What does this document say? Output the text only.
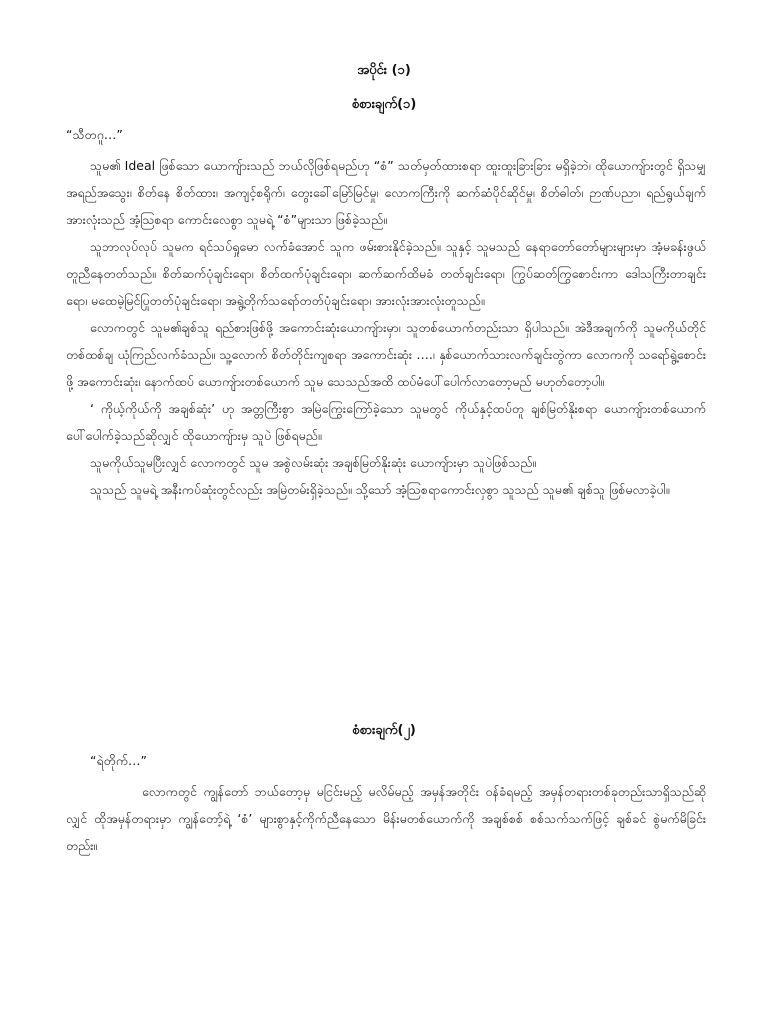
အပိုင်း (၁)
စံစားချက်(၁)
“သီတဂူ…”

သူမ၏ Ideal ဖြစ်သော ယောကျ်ားသည် ဘယ်လိုဖြစ်ရမည်ဟု “စံ” သတ်မှတ်ထားစရာ ထူးထူးခြားခြား မရှိခဲ့ဘဲ၊ ထိုယောကျ်ားတွင် ရှိသမျှ အရည်အသွေး၊ စိတ်နေ စိတ်ထား၊ အကျင့်စရိုက်၊ တွေးခေါ်မြော်မြင်မှု၊ လောကကြီးကို ဆက်ဆံပိုင်ဆိုင်မှု၊ စိတ်ဓါတ်၊ ဉာဏ်ပညာ၊ ရည်ရွယ်ချက် အားလုံးသည် အံ့သြစရာ ကောင်းလေစွာ သူမရဲ့ “စံ”များသာ ဖြစ်ခဲ့သည်။

သူဘာလုပ်လုပ် သူမက ရင်သပ်ရှုမော လက်ခံအောင် သူက ဖမ်းစားနိုင်ခဲ့သည်။ သူနှင့် သူမသည် နေရာတော်တော်များများမှာ အံ့မခန်းဖွယ် တူညီနေတတ်သည်။ စိတ်ဆက်ပုံချင်းရော၊ စိတ်ထက်ပုံချင်းရော၊ ဆက်ဆက်ထိမခံ တတ်ချင်းရော၊ ကြွပ်ဆတ်ကြွစောင်းကာ ဒေါသကြီးတာချင်းရော၊ မထေမဲ့မြင်ပြုတတ်ပုံချင်းရော၊ အရွဲ့တိုက်သရော်တတ်ပုံချင်းရော၊ အားလုံးအားလုံးတူသည်။

လောကတွင် သူမ၏ချစ်သူ ရည်စားဖြစ်ဖို့ အကောင်းဆုံးယောကျ်ားမှာ၊ သူတစ်ယောက်တည်းသာ ရှိပါသည်။ အဲဒီအချက်ကို သူမကိုယ်တိုင် တစ်ထစ်ချ ယုံကြည်လက်ခံသည်။ သူ့လောက် စိတ်တိုင်းကျစရာ အကောင်းဆုံး ….၊ နှစ်ယောက်သားလက်ချင်းတွဲကာ လောကကို သရော်ရွဲ့စောင်းဖို့ အကောင်းဆုံး၊ နောက်ထပ် ယောကျ်ားတစ်ယောက် သူမ သေသည်အထိ ထပ်မံပေါ်ပေါက်လာတော့မည် မဟုတ်တော့ပါ။

‘ ကိုယ့်ကိုယ်ကို အချစ်ဆုံး’ ဟု အတ္တကြီးစွာ အမြဲကြွေးကြော်ခဲ့သော သူမတွင် ကိုယ်နှင့်ထပ်တူ ချစ်မြတ်နိုးစရာ ယောကျ်ားတစ်ယောက်ပေါ်ပေါက်ခဲ့သည်ဆိုလျှင် ထိုယောကျ်ားမှ သူပဲ ဖြစ်ရမည်။

သူမကိုယ်သူမပြီးလျှင် လောကတွင် သူမ အစွဲလမ်းဆုံး အချစ်မြတ်နိုးဆုံး ယောကျ်ားမှာ သူပဲဖြစ်သည်။

သူသည် သူမရဲ့ အနီးကပ်ဆုံးတွင်လည်း အမြဲတမ်းရှိခဲ့သည်။ သို့သော် အံ့သြစရာကောင်းလှစွာ သူသည် သူမ၏ ချစ်သူ ဖြစ်မလာခဲ့ပါ။

စံစားချက်(၂)
“ရဲတိုက်…”

လောကတွင် ကျွန်တော် ဘယ်တော့မှ မငြင်းမည့် မလိမ်မည့် အမှန်အတိုင်း ဝန်ခံရမည့် အမှန်တရားတစ်ခုတည်းသာရှိသည်ဆိုလျှင် ထိုအမှန်တရားမှာ ကျွန်တော့်ရဲ့ ‘စံ’ များစွာနှင့်ကိုက်ညီနေသော မိန်းမတစ်ယောက်ကို အချစ်စစ် စစ်သက်သက်ဖြင့် ချစ်ခင် စွဲမက်မိခြင်းတည်း။
